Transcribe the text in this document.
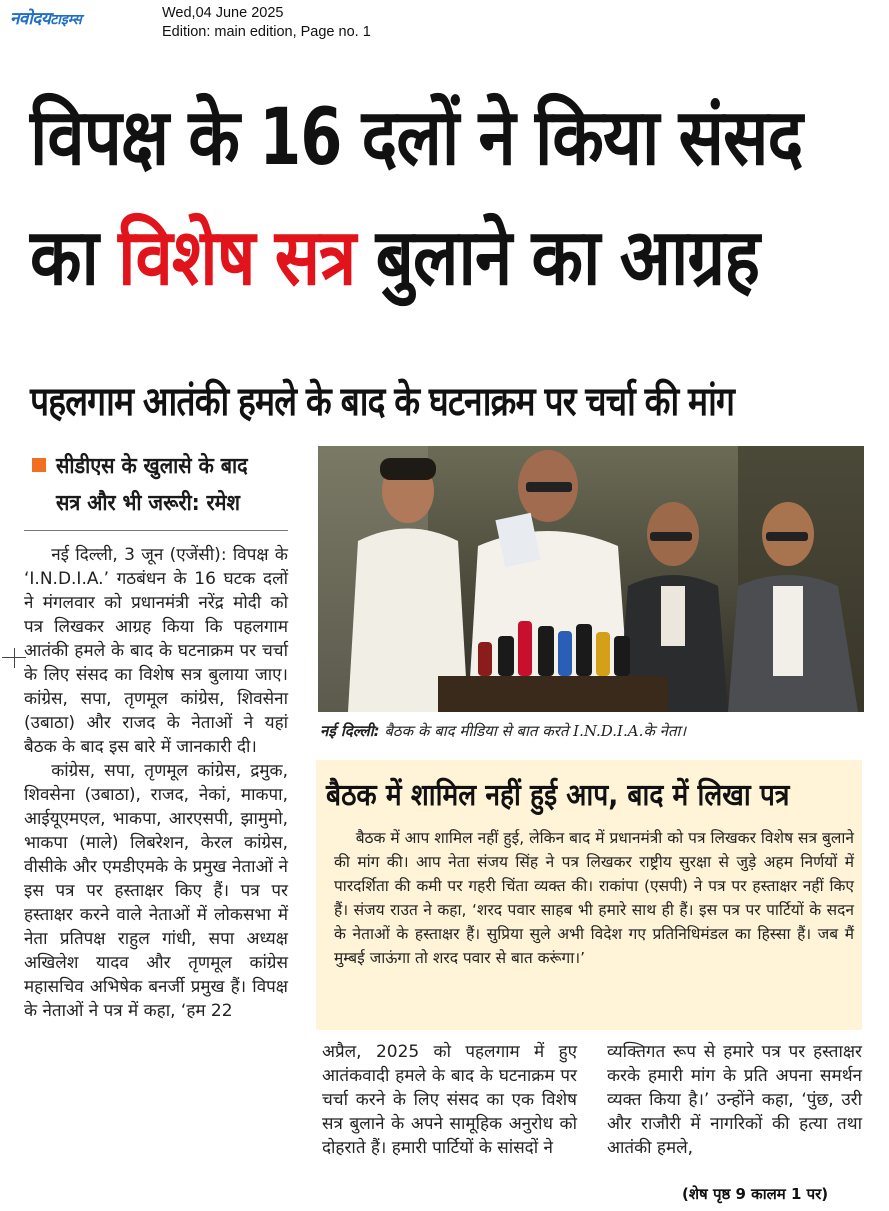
नवोदयटाइम्स	Wed,04 June 2025
Edition: main edition, Page no. 1
विपक्ष के 16 दलों ने किया संसद
का विशेष सत्र बुलाने का आग्रह
पहलगाम आतंकी हमले के बाद के घटनाक्रम पर चर्चा की मांग
सीडीएस के खुलासे के बाद
सत्र और भी जरूरी: रमेश

नई दिल्ली, 3 जून (एजेंसी): विपक्ष के ‘I.N.D.I.A.’ गठबंधन के 16 घटक दलों ने मंगलवार को प्रधानमंत्री नरेंद्र मोदी को पत्र लिखकर आग्रह किया कि पहलगाम आतंकी हमले के बाद के घटनाक्रम पर चर्चा के लिए संसद का विशेष सत्र बुलाया जाए। कांग्रेस, सपा, तृणमूल कांग्रेस, शिवसेना (उबाठा) और राजद के नेताओं ने यहां बैठक के बाद इस बारे में जानकारी दी।

कांग्रेस, सपा, तृणमूल कांग्रेस, द्रमुक, शिवसेना (उबाठा), राजद, नेकां, माकपा, आईयूएमएल, भाकपा, आरएसपी, झामुमो, भाकपा (माले) लिबरेशन, केरल कांग्रेस, वीसीके और एमडीएमके के प्रमुख नेताओं ने इस पत्र पर हस्ताक्षर किए हैं। पत्र पर हस्ताक्षर करने वाले नेताओं में लोकसभा में नेता प्रतिपक्ष राहुल गांधी, सपा अध्यक्ष अखिलेश यादव और तृणमूल कांग्रेस महासचिव अभिषेक बनर्जी प्रमुख हैं। विपक्ष के नेताओं ने पत्र में कहा, ‘हम 22

नई दिल्ली: बैठक के बाद मीडिया से बात करते I.N.D.I.A.के नेता।
बैठक में शामिल नहीं हुई आप, बाद में लिखा पत्र

बैठक में आप शामिल नहीं हुई, लेकिन बाद में प्रधानमंत्री को पत्र लिखकर विशेष सत्र बुलाने की मांग की। आप नेता संजय सिंह ने पत्र लिखकर राष्ट्रीय सुरक्षा से जुड़े अहम निर्णयों में पारदर्शिता की कमी पर गहरी चिंता व्यक्त की। राकांपा (एसपी) ने पत्र पर हस्ताक्षर नहीं किए हैं। संजय राउत ने कहा, ‘शरद पवार साहब भी हमारे साथ ही हैं। इस पत्र पर पार्टियों के सदन के नेताओं के हस्ताक्षर हैं। सुप्रिया सुले अभी विदेश गए प्रतिनिधिमंडल का हिस्सा हैं। जब मैं मुम्बई जाऊंगा तो शरद पवार से बात करूंगा।’

अप्रैल, 2025 को पहलगाम में हुए आतंकवादी हमले के बाद के घटनाक्रम पर चर्चा करने के लिए संसद का एक विशेष सत्र बुलाने के अपने सामूहिक अनुरोध को दोहराते हैं। हमारी पार्टियों के सांसदों ने

व्यक्तिगत रूप से हमारे पत्र पर हस्ताक्षर करके हमारी मांग के प्रति अपना समर्थन व्यक्त किया है।’ उन्होंने कहा, ‘पुंछ, उरी और राजौरी में नागरिकों की हत्या तथा आतंकी हमले,

(शेष पृष्ठ 9 कालम 1 पर)
